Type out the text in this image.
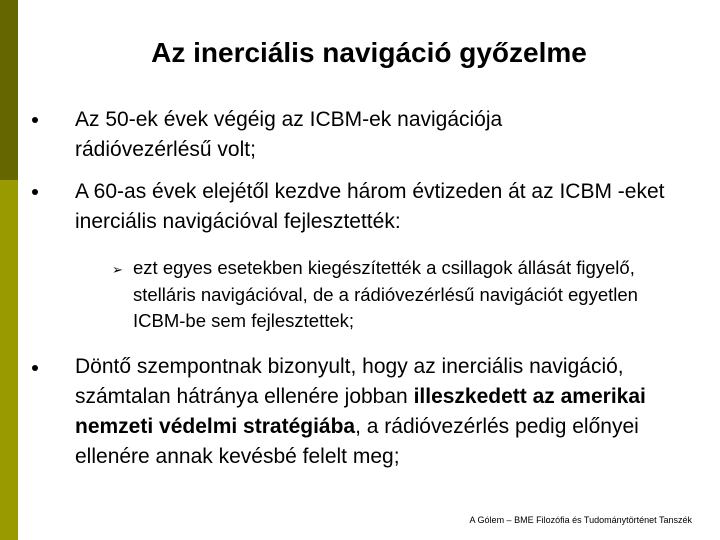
Az inerciális navigáció győzelme
Az 50-ek évek végéig az ICBM-ek navigációja rádióvezérlésű volt;
A 60-as évek elejétől kezdve három évtizeden át az ICBM -eket inerciális navigációval fejlesztették:
➢ ezt egyes esetekben kiegészítették a csillagok állását figyelő, stelláris navigációval, de a rádióvezérlésű navigációt egyetlen ICBM-be sem fejlesztettek;
Döntő szempontnak bizonyult, hogy az inerciális navigáció, számtalan hátránya ellenére jobban illeszkedett az amerikai nemzeti védelmi stratégiába, a rádióvezérlés pedig előnyei ellenére annak kevésbé felelt meg;
A Gólem – BME Filozófia és Tudománytörténet Tanszék
